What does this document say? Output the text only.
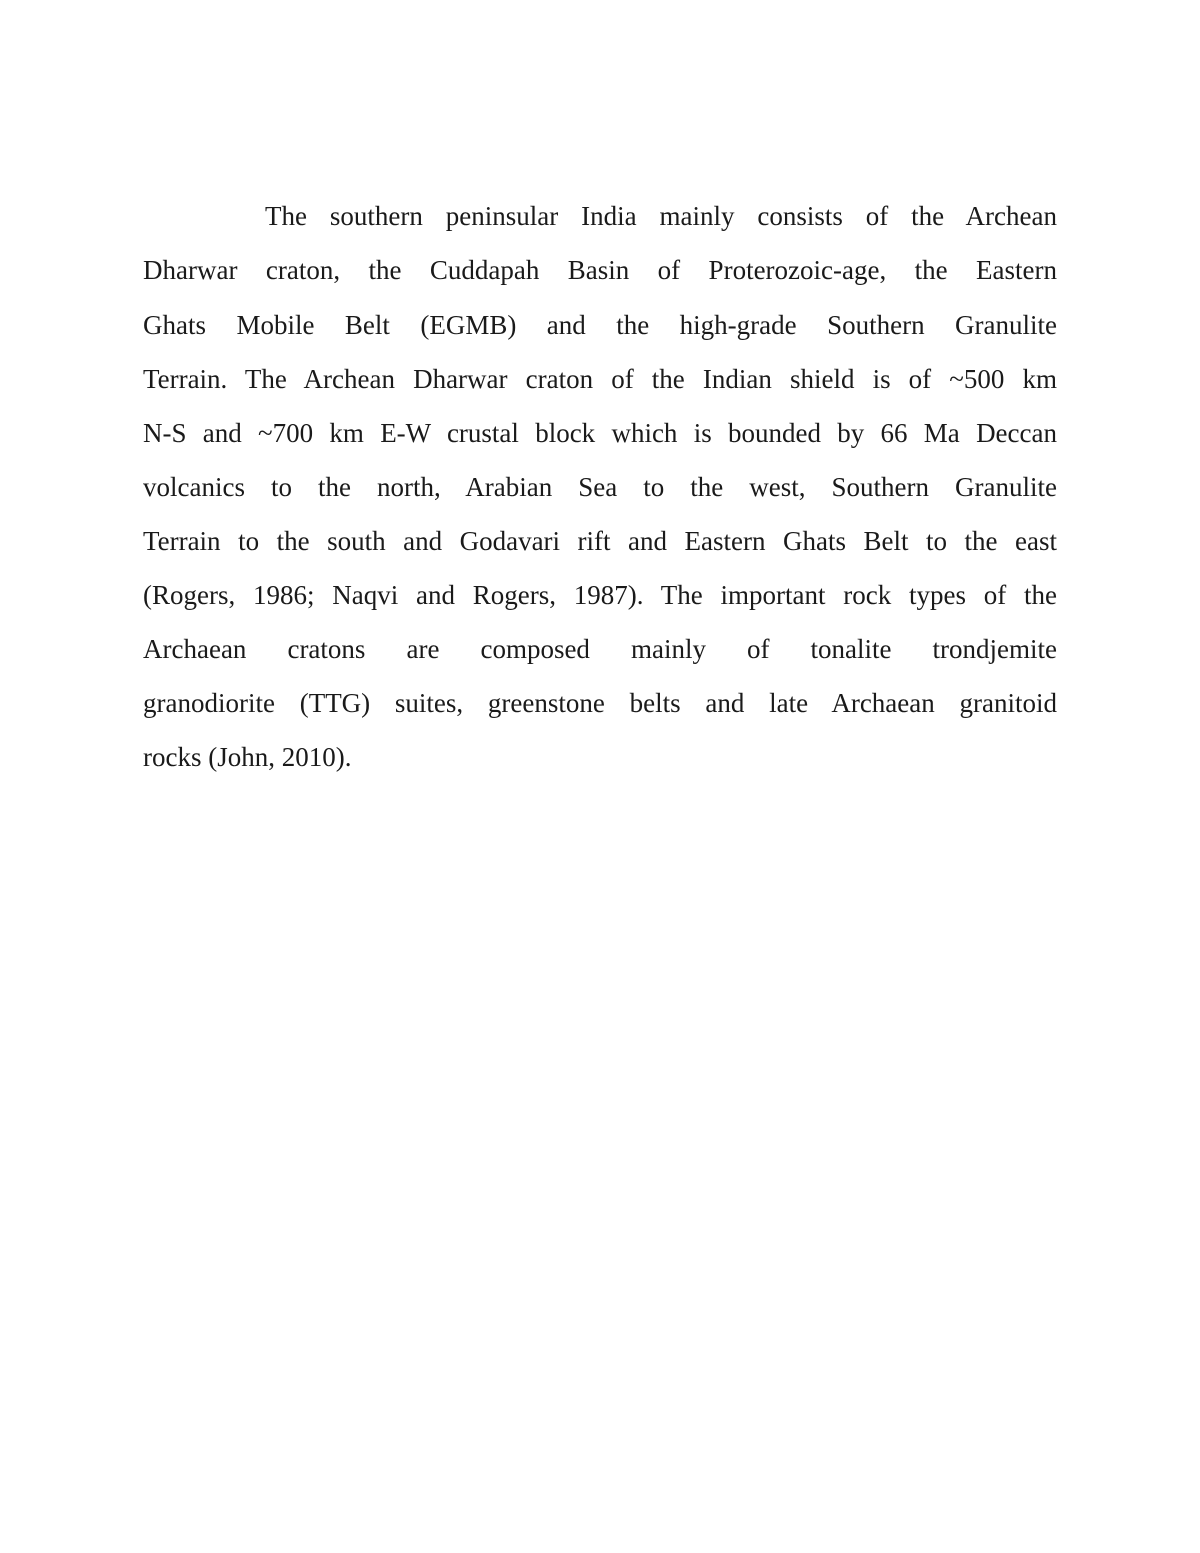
The southern peninsular India mainly consists of the Archean
Dharwar craton, the Cuddapah Basin of Proterozoic-age, the Eastern
Ghats Mobile Belt (EGMB) and the high-grade Southern Granulite
Terrain. The Archean Dharwar craton of the Indian shield is of ~500 km
N-S and ~700 km E-W crustal block which is bounded by 66 Ma Deccan
volcanics to the north, Arabian Sea to the west, Southern Granulite
Terrain to the south and Godavari rift and Eastern Ghats Belt to the east
(Rogers, 1986; Naqvi and Rogers, 1987). The important rock types of the
Archaean cratons are composed mainly of tonalite trondjemite
granodiorite (TTG) suites, greenstone belts and late Archaean granitoid
rocks (John, 2010).
